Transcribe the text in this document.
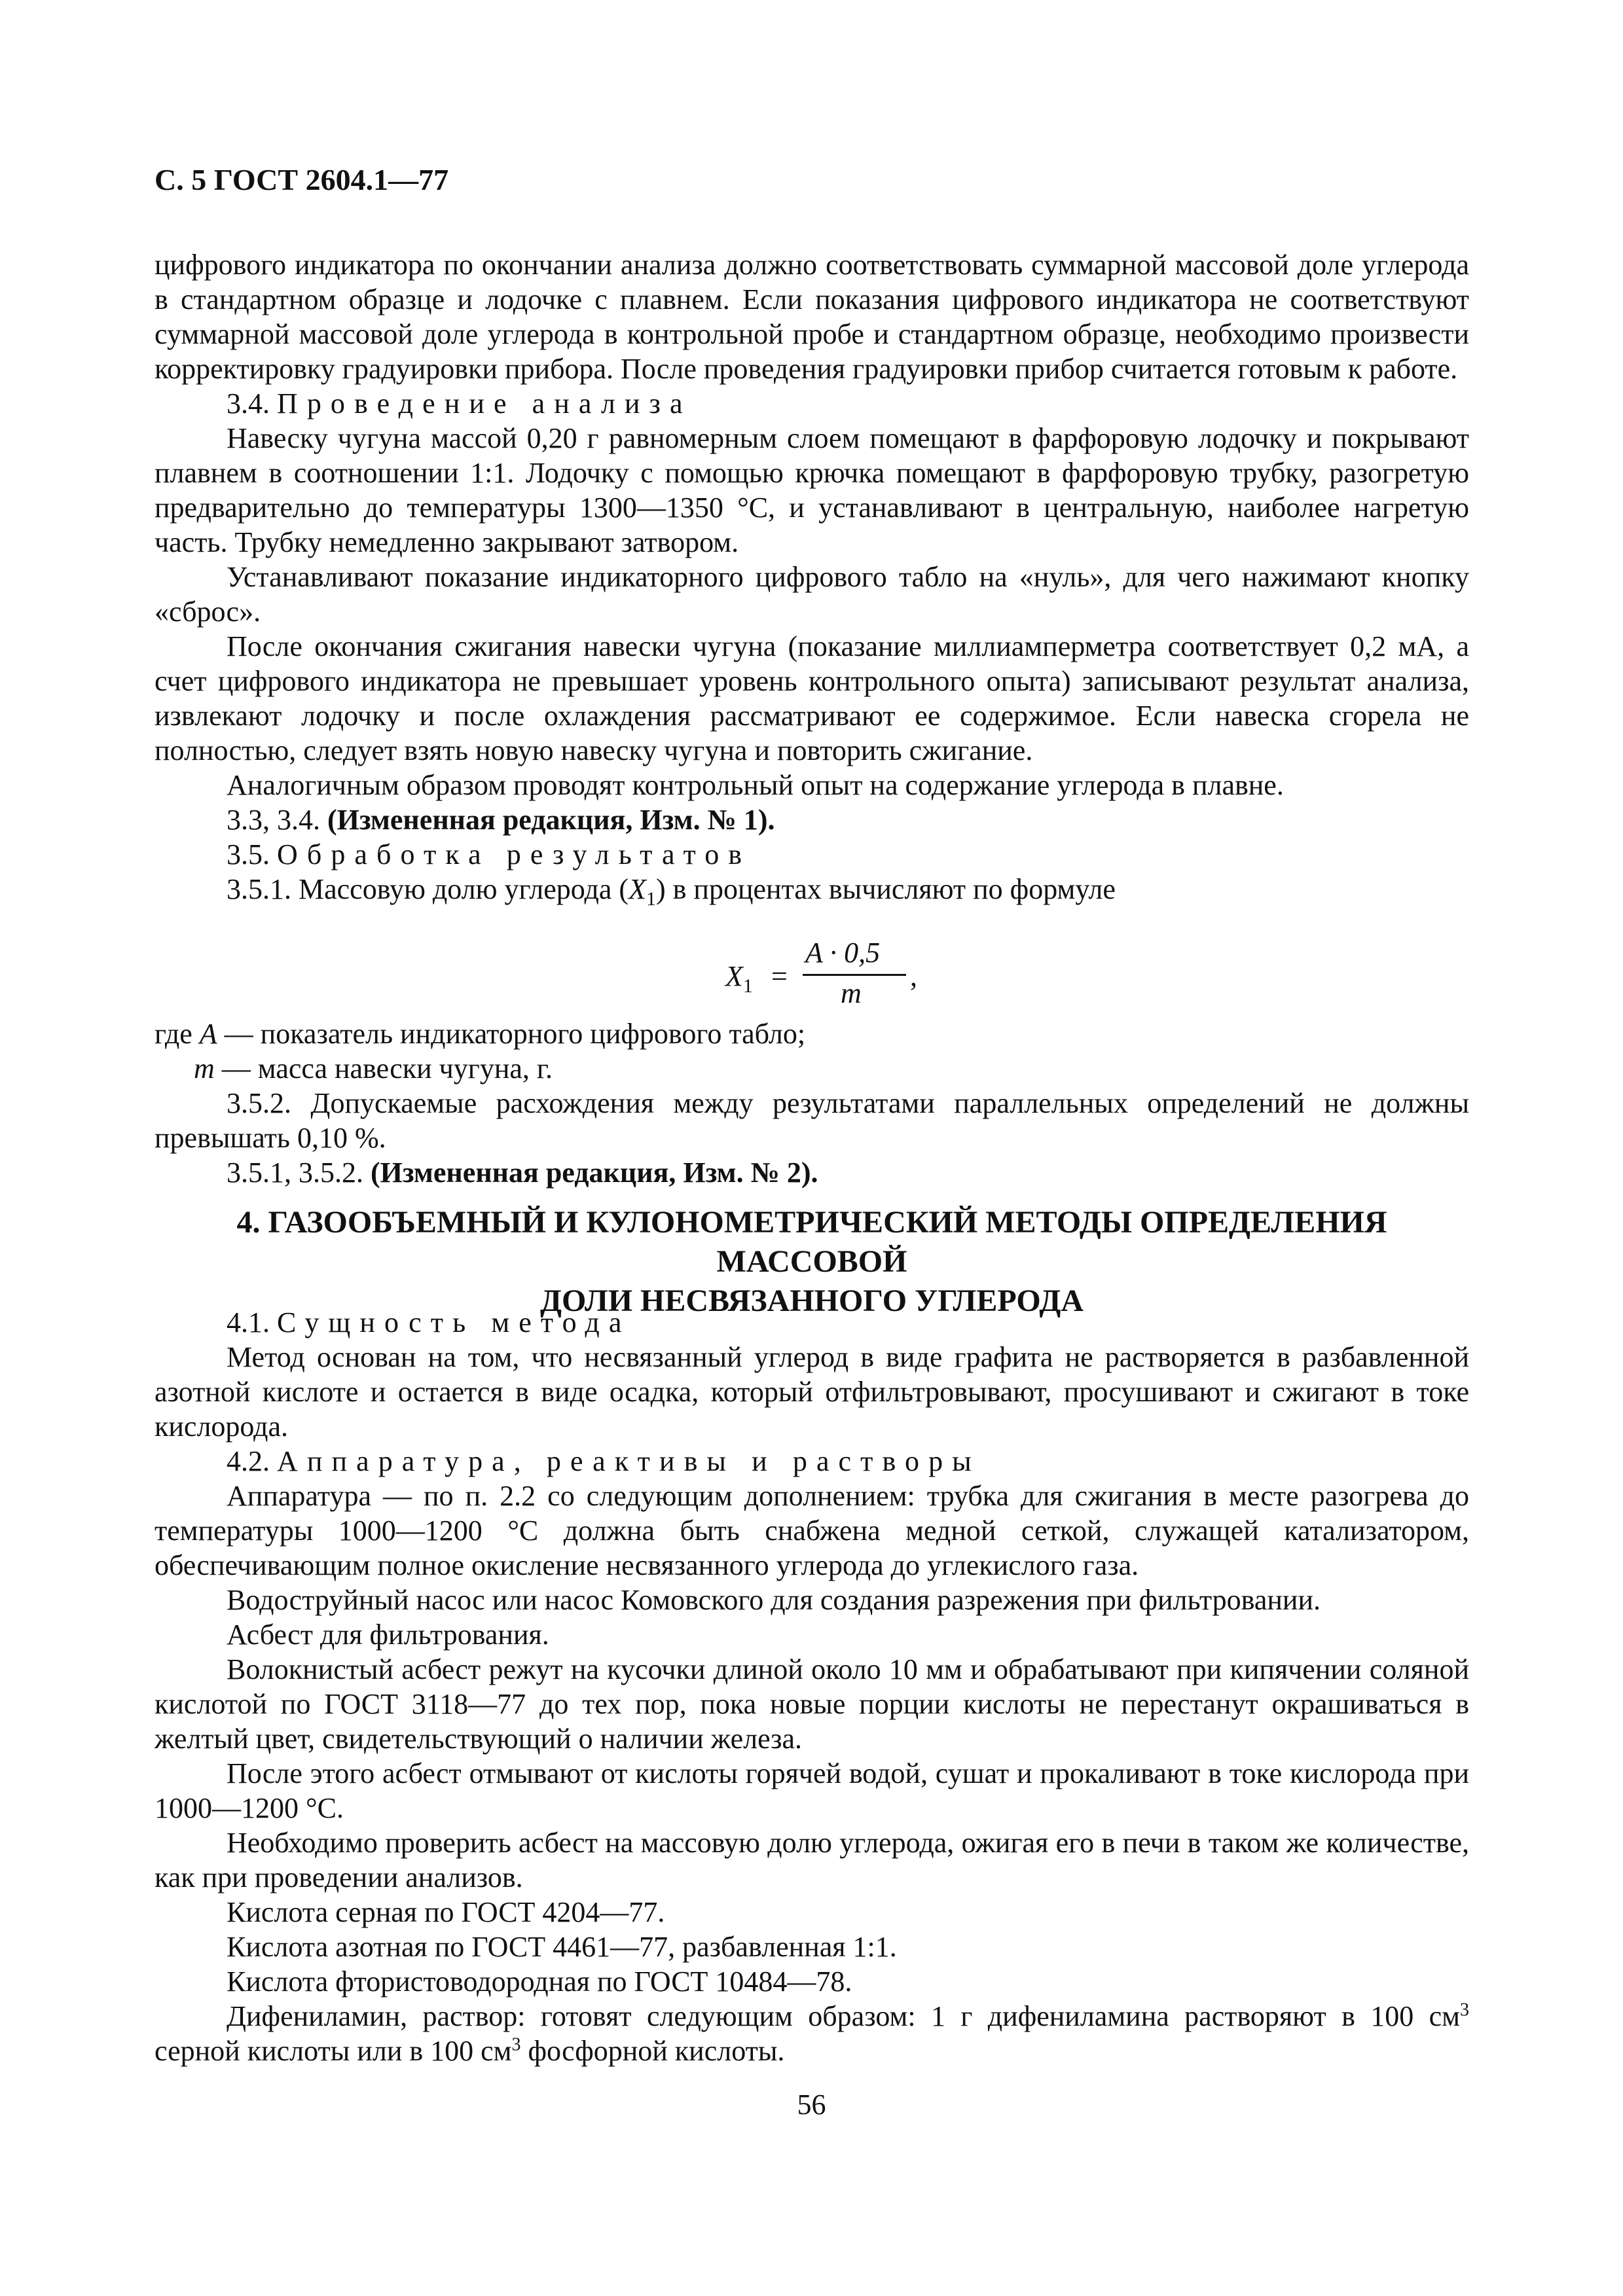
С. 5 ГОСТ 2604.1—77

цифрового индикатора по окончании анализа должно соответствовать суммарной массовой доле углерода в стандартном образце и лодочке с плавнем. Если показания цифрового индикатора не соответствуют суммарной массовой доле углерода в контрольной пробе и стандартном образце, необходимо произвести корректировку градуировки прибора. После проведения градуировки прибор считается готовым к работе.

3.4. Проведение анализа

Навеску чугуна массой 0,20 г равномерным слоем помещают в фарфоровую лодочку и покрывают плавнем в соотношении 1:1. Лодочку с помощью крючка помещают в фарфоровую трубку, разогретую предварительно до температуры 1300—1350 °С, и устанавливают в центральную, наиболее нагретую часть. Трубку немедленно закрывают затвором.

Устанавливают показание индикаторного цифрового табло на «нуль», для чего нажимают кнопку «сброс».

После окончания сжигания навески чугуна (показание миллиамперметра соответствует 0,2 мА, а счет цифрового индикатора не превышает уровень контрольного опыта) записывают результат анализа, извлекают лодочку и после охлаждения рассматривают ее содержимое. Если навеска сгорела не полностью, следует взять новую навеску чугуна и повторить сжигание.

Аналогичным образом проводят контрольный опыт на содержание углерода в плавне.

3.3, 3.4. (Измененная редакция, Изм. № 1).

3.5. Обработка результатов

3.5.1. Массовую долю углерода $(X_1)$ в процентах вычисляют по формуле

$X_1$ =
A · 0,5
m
,

где A — показатель индикаторного цифрового табло;

m — масса навески чугуна, г.

3.5.2. Допускаемые расхождения между результатами параллельных определений не должны превышать 0,10 %.

3.5.1, 3.5.2. (Измененная редакция, Изм. № 2).

4. ГАЗООБЪЕМНЫЙ И КУЛОНОМЕТРИЧЕСКИЙ МЕТОДЫ ОПРЕДЕЛЕНИЯ МАССОВОЙ
ДОЛИ НЕСВЯЗАННОГО УГЛЕРОДА

4.1. Сущность метода

Метод основан на том, что несвязанный углерод в виде графита не растворяется в разбавленной азотной кислоте и остается в виде осадка, который отфильтровывают, просушивают и сжигают в токе кислорода.

4.2. Аппаратура, реактивы и растворы

Аппаратура — по п. 2.2 со следующим дополнением: трубка для сжигания в месте разогрева до температуры 1000—1200 °С должна быть снабжена медной сеткой, служащей катализатором, обеспечивающим полное окисление несвязанного углерода до углекислого газа.

Водоструйный насос или насос Комовского для создания разрежения при фильтровании.

Асбест для фильтрования.

Волокнистый асбест режут на кусочки длиной около 10 мм и обрабатывают при кипячении соляной кислотой по ГОСТ 3118—77 до тех пор, пока новые порции кислоты не перестанут окрашиваться в желтый цвет, свидетельствующий о наличии железа.

После этого асбест отмывают от кислоты горячей водой, сушат и прокаливают в токе кислорода при 1000—1200 °С.

Необходимо проверить асбест на массовую долю углерода, ожигая его в печи в таком же количестве, как при проведении анализов.

Кислота серная по ГОСТ 4204—77.

Кислота азотная по ГОСТ 4461—77, разбавленная 1:1.

Кислота фтористоводородная по ГОСТ 10484—78.

Дифениламин, раствор: готовят следующим образом: 1 г дифениламина растворяют в 100 $см^3$ серной кислоты или в 100 $см^3$ фосфорной кислоты.

56
